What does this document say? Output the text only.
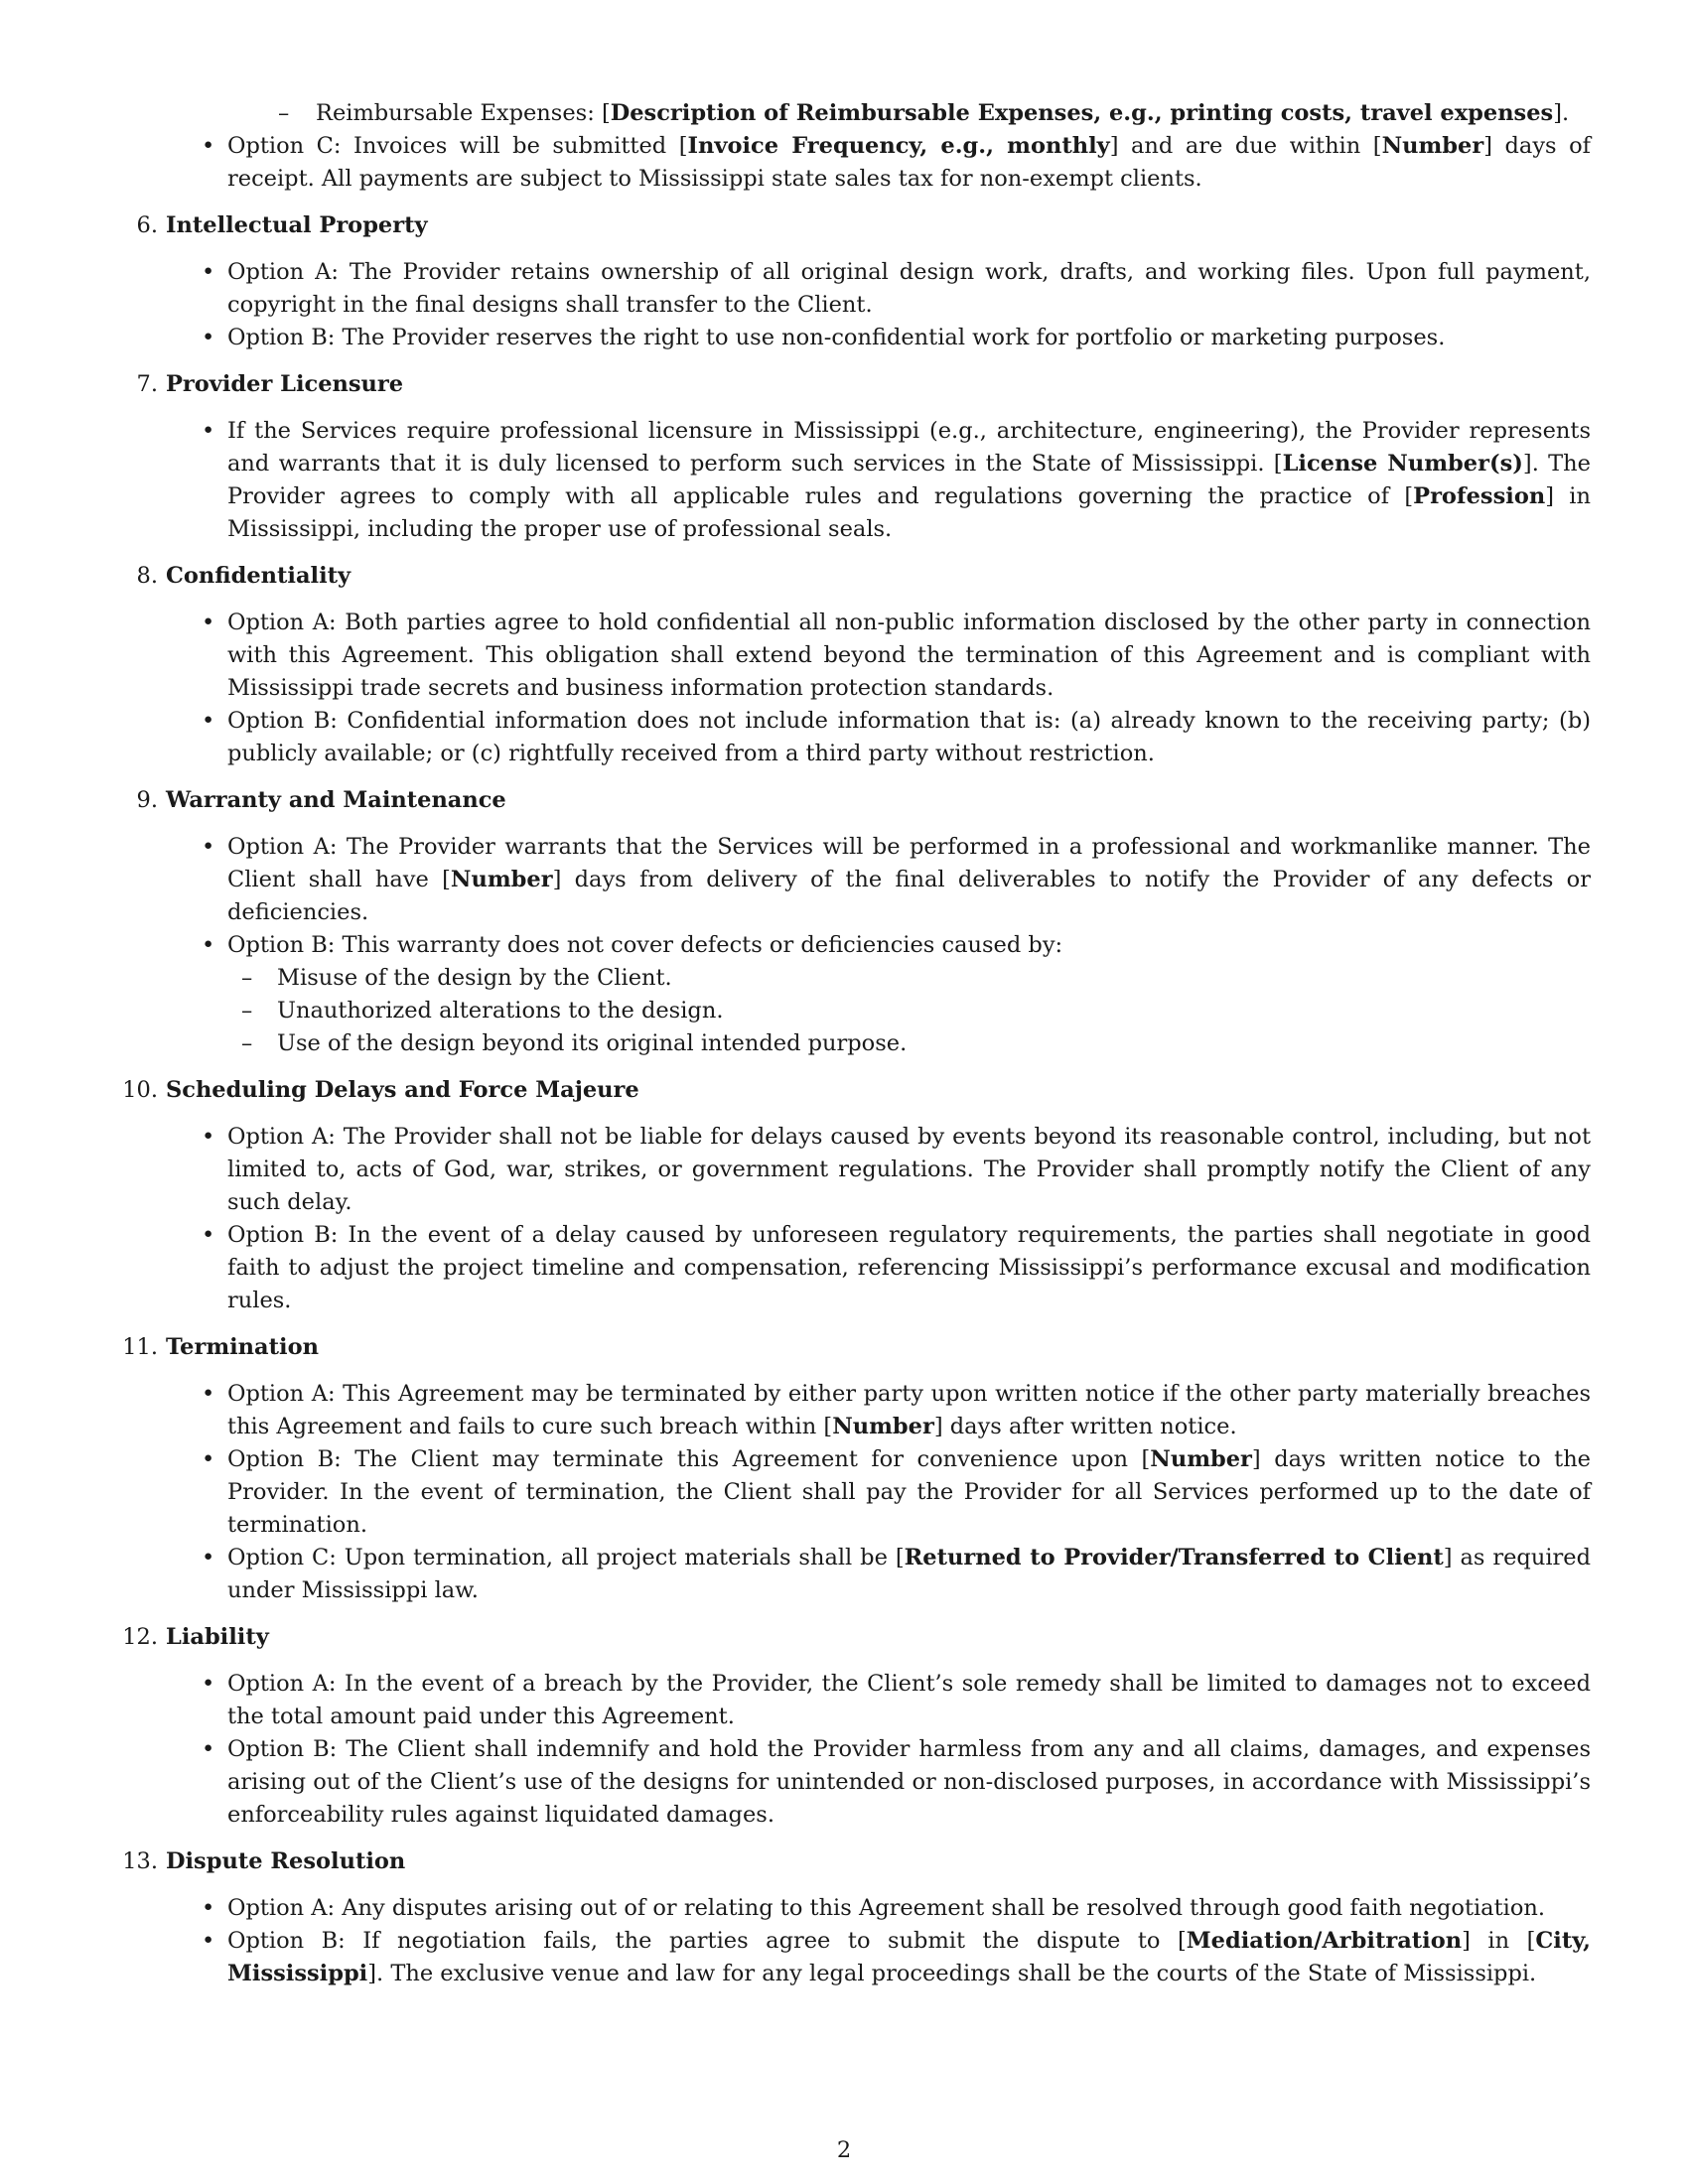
– Reimbursable Expenses: [Description of Reimbursable Expenses, e.g., printing costs, travel expenses].
• Option C: Invoices will be submitted [Invoice Frequency, e.g., monthly] and are due within [Number] days of receipt. All payments are subject to Mississippi state sales tax for non-exempt clients.
6. Intellectual Property
• Option A: The Provider retains ownership of all original design work, drafts, and working files. Upon full payment, copyright in the final designs shall transfer to the Client.
• Option B: The Provider reserves the right to use non-confidential work for portfolio or marketing purposes.
7. Provider Licensure
• If the Services require professional licensure in Mississippi (e.g., architecture, engineering), the Provider represents and warrants that it is duly licensed to perform such services in the State of Mississippi. [License Number(s)]. The Provider agrees to comply with all applicable rules and regulations governing the practice of [Profession] in Mississippi, including the proper use of professional seals.
8. Confidentiality
• Option A: Both parties agree to hold confidential all non-public information disclosed by the other party in connection with this Agreement. This obligation shall extend beyond the termination of this Agreement and is compliant with Mississippi trade secrets and business information protection standards.
• Option B: Confidential information does not include information that is: (a) already known to the receiving party; (b) publicly available; or (c) rightfully received from a third party without restriction.
9. Warranty and Maintenance
• Option A: The Provider warrants that the Services will be performed in a professional and workmanlike manner. The Client shall have [Number] days from delivery of the final deliverables to notify the Provider of any defects or deficiencies.
• Option B: This warranty does not cover defects or deficiencies caused by:
– Misuse of the design by the Client.
– Unauthorized alterations to the design.
– Use of the design beyond its original intended purpose.
10. Scheduling Delays and Force Majeure
• Option A: The Provider shall not be liable for delays caused by events beyond its reasonable control, including, but not limited to, acts of God, war, strikes, or government regulations. The Provider shall promptly notify the Client of any such delay.
• Option B: In the event of a delay caused by unforeseen regulatory requirements, the parties shall negotiate in good faith to adjust the project timeline and compensation, referencing Mississippi’s performance excusal and modification rules.
11. Termination
• Option A: This Agreement may be terminated by either party upon written notice if the other party materially breaches this Agreement and fails to cure such breach within [Number] days after written notice.
• Option B: The Client may terminate this Agreement for convenience upon [Number] days written notice to the Provider. In the event of termination, the Client shall pay the Provider for all Services performed up to the date of termination.
• Option C: Upon termination, all project materials shall be [Returned to Provider/Transferred to Client] as required under Mississippi law.
12. Liability
• Option A: In the event of a breach by the Provider, the Client’s sole remedy shall be limited to damages not to exceed the total amount paid under this Agreement.
• Option B: The Client shall indemnify and hold the Provider harmless from any and all claims, damages, and expenses arising out of the Client’s use of the designs for unintended or non-disclosed purposes, in accordance with Mississippi’s enforceability rules against liquidated damages.
13. Dispute Resolution
• Option A: Any disputes arising out of or relating to this Agreement shall be resolved through good faith negotiation.
• Option B: If negotiation fails, the parties agree to submit the dispute to [Mediation/Arbitration] in [City, Mississippi]. The exclusive venue and law for any legal proceedings shall be the courts of the State of Mississippi.
2
